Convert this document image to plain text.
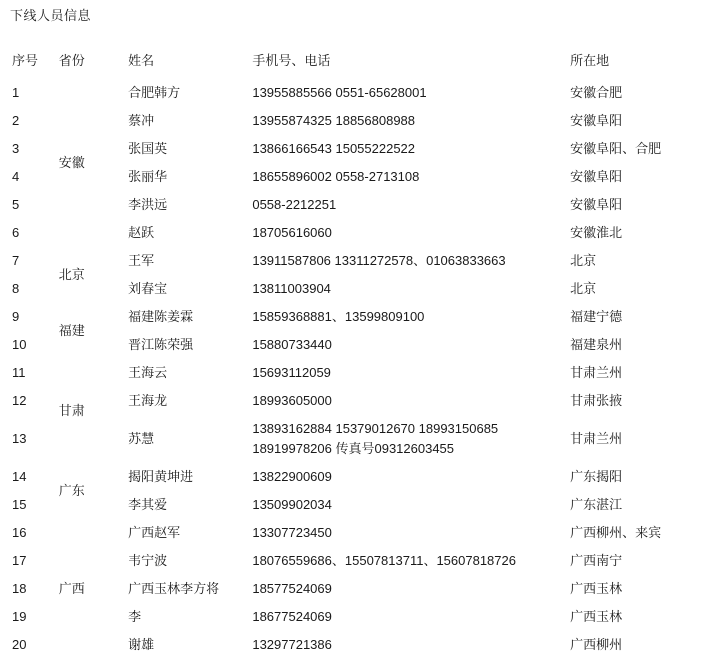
下线人员信息
序号	省份	姓名	手机号、电话	所在地
1	安徽	合肥韩方	13955885566 0551-65628001	安徽合肥
2		蔡冲	13955874325 18856808988	安徽阜阳
3		张国英	13866166543 15055222522	安徽阜阳、合肥
4		张丽华	18655896002 0558-2713108	安徽阜阳
5		李洪远	0558-2212251	安徽阜阳
6		赵跃	18705616060	安徽淮北
7	北京	王军	13911587806 13311272578、01063833663	北京
8		刘春宝	13811003904	北京
9	福建	福建陈姜霖	15859368881、13599809100	福建宁德
10		晋江陈荣强	15880733440	福建泉州
11	甘肃	王海云	15693112059	甘肃兰州
12		王海龙	18993605000	甘肃张掖
13		苏慧	13893162884 15379012670 18993150685
18919978206 传真号09312603455	甘肃兰州
14	广东	揭阳黄坤进	13822900609	广东揭阳
15		李其爱	13509902034	广东湛江
16	广西	广西赵军	13307723450	广西柳州、来宾
17		韦宁波	18076559686、15507813711、15607818726	广西南宁
18		广西玉林李方将	18577524069	广西玉林
19		李	18677524069	广西玉林
20		谢雄	13297721386	广西柳州
